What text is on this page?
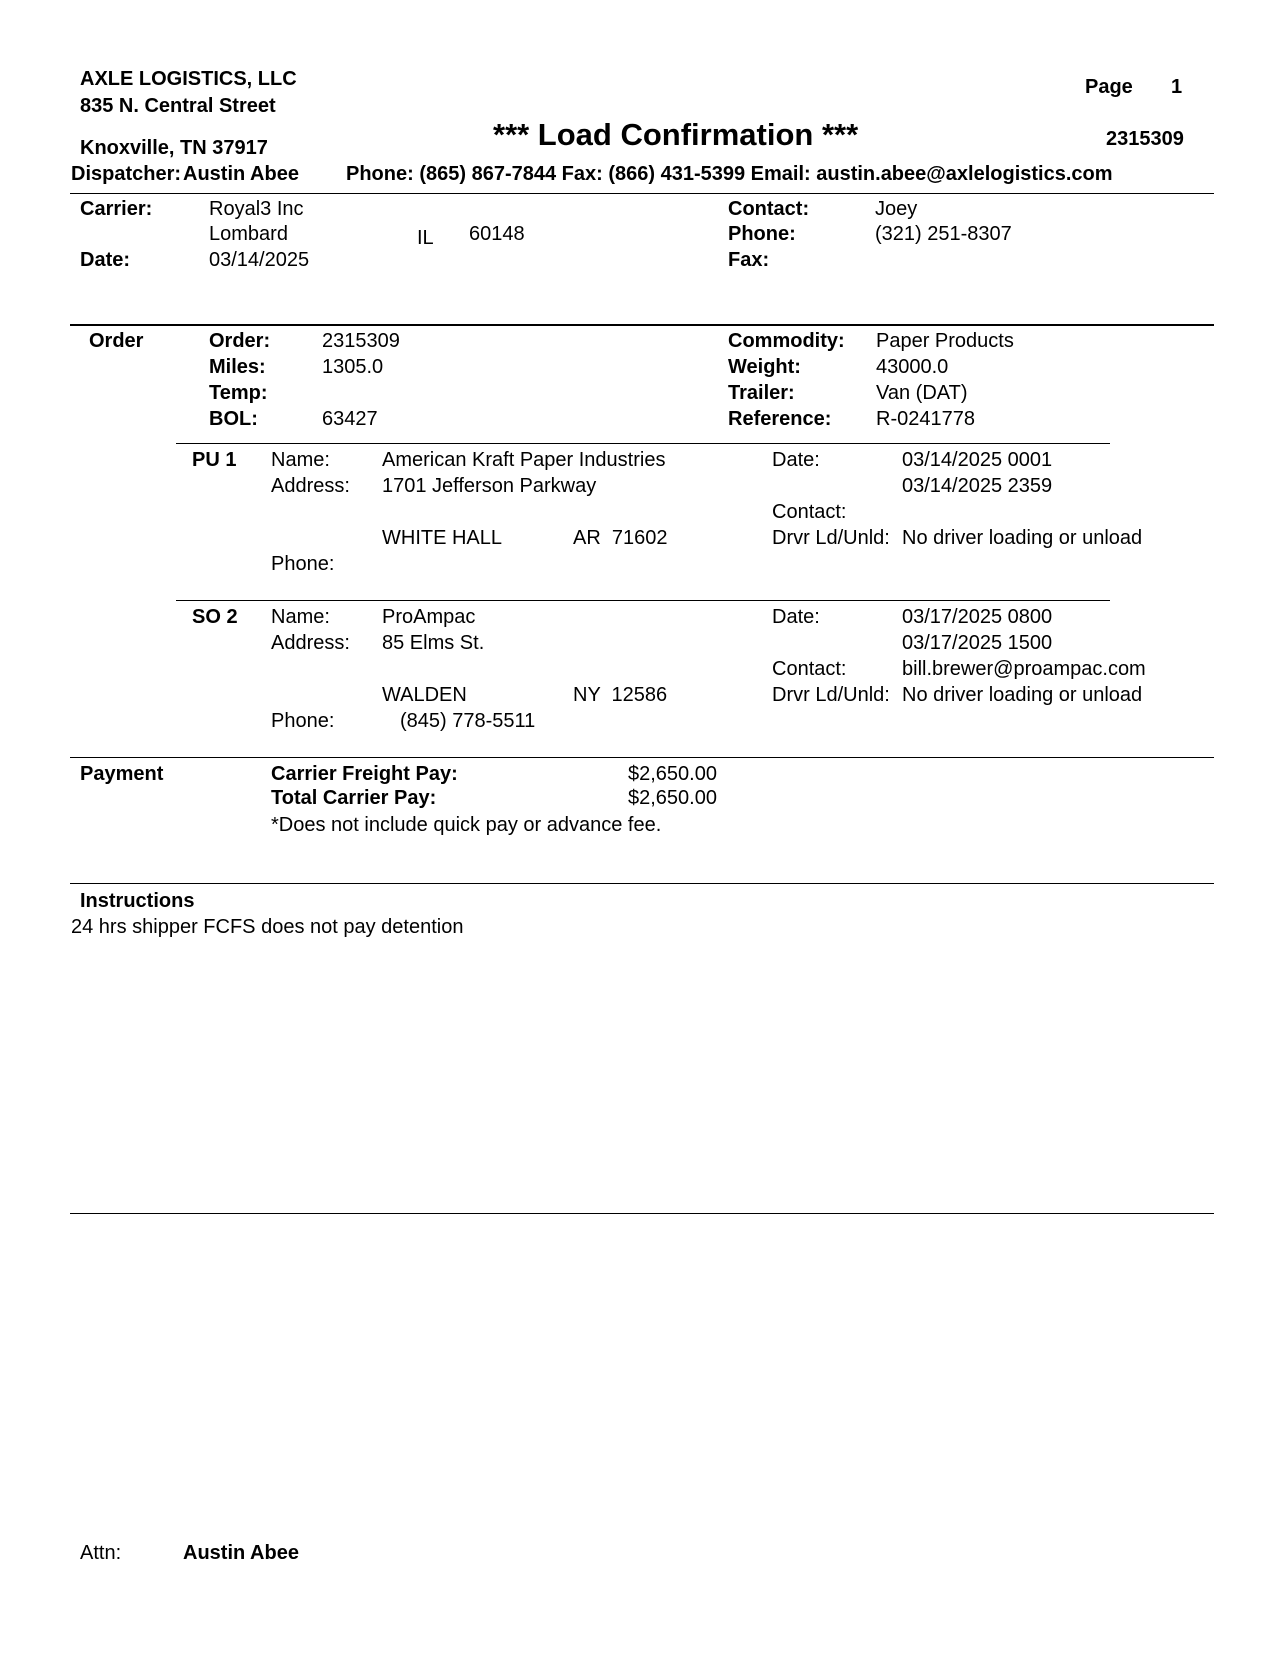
AXLE LOGISTICS, LLC
835 N. Central Street
Knoxville, TN 37917
Dispatcher: Austin Abee Phone: (865) 867-7844 Fax: (866) 431-5399 Email: austin.abee@axlelogistics.com
Page 1
*** Load Confirmation ***	2315309
Carrier:	Royal3 Inc
Lombard	IL 60148
Date:	03/14/2025
Contact:	Joey
Phone:	(321) 251-8307
Fax:
Order	Order:	2315309
Miles:	1305.0
Temp:
BOL:	63427
Commodity: Paper Products
Weight:	43000.0
Trailer:	Van (DAT)
Reference: R-0241778
PU 1 Name:	American Kraft Paper Industries
Address: 1701 Jefferson Parkway
WHITE HALL	AR  71602
Phone:
Date:	03/14/2025 0001
03/14/2025 2359
Contact:
Drvr Ld/Unld: No driver loading or unload
SO 2 Name:	ProAmpac
Address: 85 Elms St.
WALDEN	NY  12586
Phone:	(845) 778-5511
Date:	03/17/2025 0800
03/17/2025 1500
Contact:	bill.brewer@proampac.com
Drvr Ld/Unld: No driver loading or unload
Payment	Carrier Freight Pay:	$2,650.00
Total Carrier Pay:	$2,650.00
*Does not include quick pay or advance fee.
Instructions
24 hrs shipper FCFS does not pay detention
Attn:	Austin Abee
